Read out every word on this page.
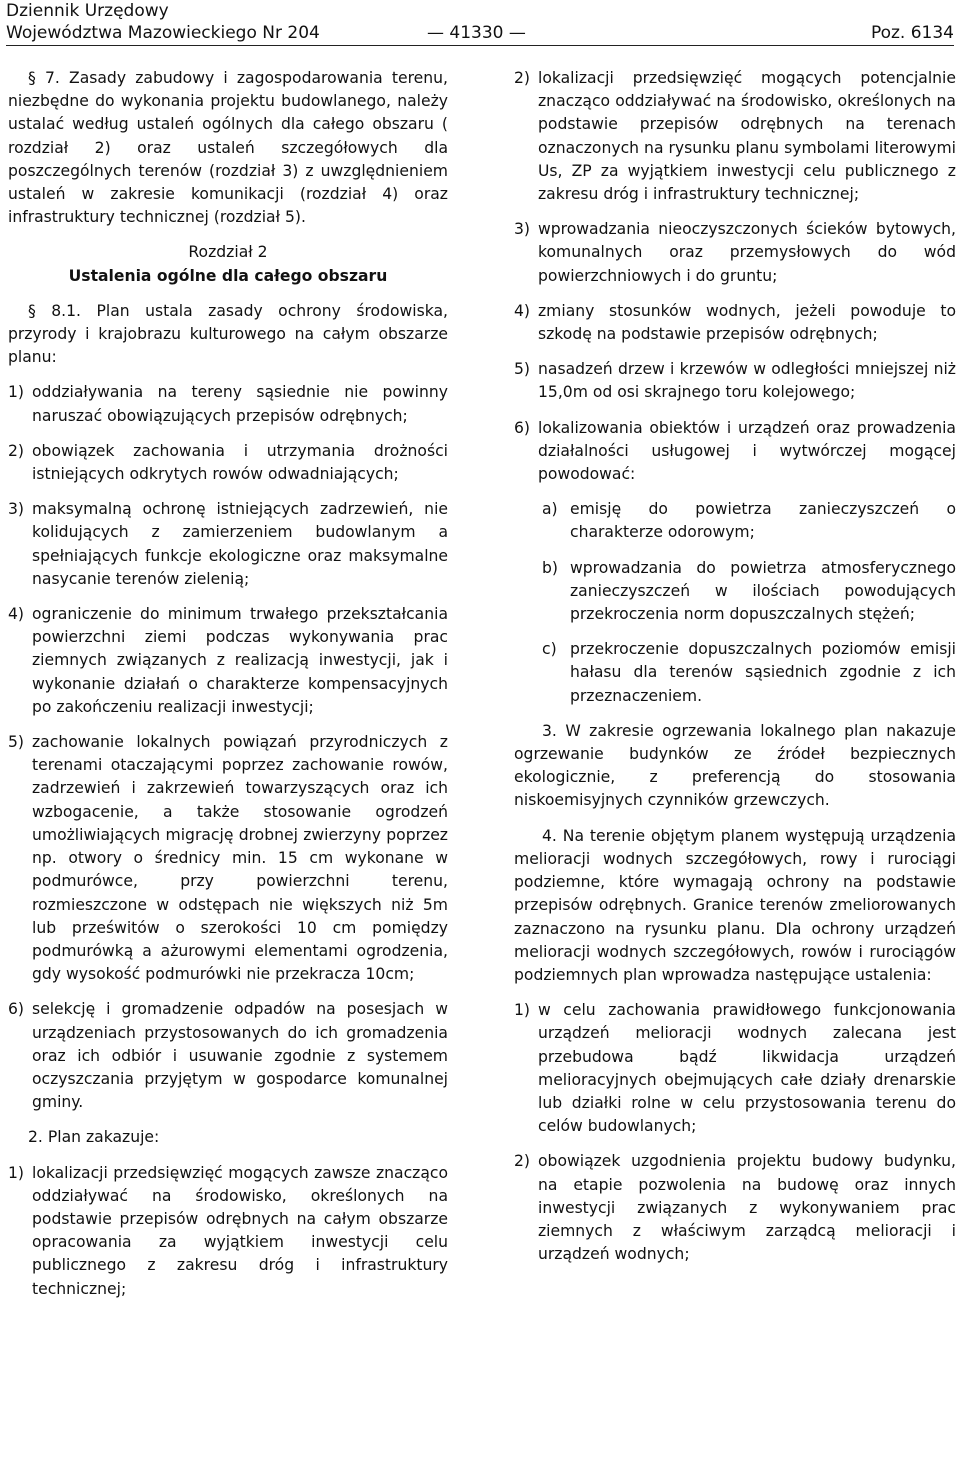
Dziennik Urzędowy
Województwa Mazowieckiego Nr 204	— 41330 —	Poz. 6134

§ 7. Zasady zabudowy i zagospodarowania terenu, niezbędne do wykonania projektu budowlanego, należy ustalać według ustaleń ogólnych dla całego obszaru ( rozdział 2) oraz ustaleń szczegółowych dla poszczególnych terenów (rozdział 3) z uwzględnieniem ustaleń w zakresie komunikacji (rozdział 4) oraz infrastruktury technicznej (rozdział 5).

Rozdział 2

Ustalenia ogólne dla całego obszaru

§ 8.1. Plan ustala zasady ochrony środowiska, przyrody i krajobrazu kulturowego na całym obszarze planu:

1) oddziaływania na tereny sąsiednie nie powinny naruszać obowiązujących przepisów odrębnych;
2) obowiązek zachowania i utrzymania drożności istniejących odkrytych rowów odwadniających;
3) maksymalną ochronę istniejących zadrzewień, nie kolidujących z zamierzeniem budowlanym a spełniających funkcje ekologiczne oraz maksymalne nasycanie terenów zielenią;
4) ograniczenie do minimum trwałego przekształcania powierzchni ziemi podczas wykonywania prac ziemnych związanych z realizacją inwestycji, jak i wykonanie działań o charakterze kompensacyjnych po zakończeniu realizacji inwestycji;
5) zachowanie lokalnych powiązań przyrodniczych z terenami otaczającymi poprzez zachowanie rowów, zadrzewień i zakrzewień towarzyszących oraz ich wzbogacenie, a także stosowanie ogrodzeń umożliwiających migrację drobnej zwierzyny poprzez np. otwory o średnicy min. 15 cm wykonane w podmurówce, przy powierzchni terenu, rozmieszczone w odstępach nie większych niż 5m lub prześwitów o szerokości 10 cm pomiędzy podmurówką a ażurowymi elementami ogrodzenia, gdy wysokość podmurówki nie przekracza 10cm;
6) selekcję i gromadzenie odpadów na posesjach w urządzeniach przystosowanych do ich gromadzenia oraz ich odbiór i usuwanie zgodnie z systemem oczyszczania przyjętym w gospodarce komunalnej gminy.

2. Plan zakazuje:

1) lokalizacji przedsięwzięć mogących zawsze znacząco oddziaływać na środowisko, określonych na podstawie przepisów odrębnych na całym obszarze opracowania za wyjątkiem inwestycji celu publicznego z zakresu dróg i infrastruktury technicznej;
2) lokalizacji przedsięwzięć mogących potencjalnie znacząco oddziaływać na środowisko, określonych na podstawie przepisów odrębnych na terenach oznaczonych na rysunku planu symbolami literowymi Us, ZP za wyjątkiem inwestycji celu publicznego z zakresu dróg i infrastruktury technicznej;
3) wprowadzania nieoczyszczonych ścieków bytowych, komunalnych oraz przemysłowych do wód powierzchniowych i do gruntu;
4) zmiany stosunków wodnych, jeżeli powoduje to szkodę na podstawie przepisów odrębnych;
5) nasadzeń drzew i krzewów w odległości mniejszej niż 15,0m od osi skrajnego toru kolejowego;
6) lokalizowania obiektów i urządzeń oraz prowadzenia działalności usługowej i wytwórczej mogącej powodować:
a) emisję do powietrza zanieczyszczeń o charakterze odorowym;
b) wprowadzania do powietrza atmosferycznego zanieczyszczeń w ilościach powodujących przekroczenia norm dopuszczalnych stężeń;
c) przekroczenie dopuszczalnych poziomów emisji hałasu dla terenów sąsiednich zgodnie z ich przeznaczeniem.

3. W zakresie ogrzewania lokalnego plan nakazuje ogrzewanie budynków ze źródeł bezpiecznych ekologicznie, z preferencją do stosowania niskoemisyjnych czynników grzewczych.

4. Na terenie objętym planem występują urządzenia melioracji wodnych szczegółowych, rowy i rurociągi podziemne, które wymagają ochrony na podstawie przepisów odrębnych. Granice terenów zmeliorowanych zaznaczono na rysunku planu. Dla ochrony urządzeń melioracji wodnych szczegółowych, rowów i rurociągów podziemnych plan wprowadza następujące ustalenia:

1) w celu zachowania prawidłowego funkcjonowania urządzeń melioracji wodnych zalecana jest przebudowa bądź likwidacja urządzeń melioracyjnych obejmujących całe działy drenarskie lub działki rolne w celu przystosowania terenu do celów budowlanych;
2) obowiązek uzgodnienia projektu budowy budynku, na etapie pozwolenia na budowę oraz innych inwestycji związanych z wykonywaniem prac ziemnych z właściwym zarządcą melioracji i urządzeń wodnych;
